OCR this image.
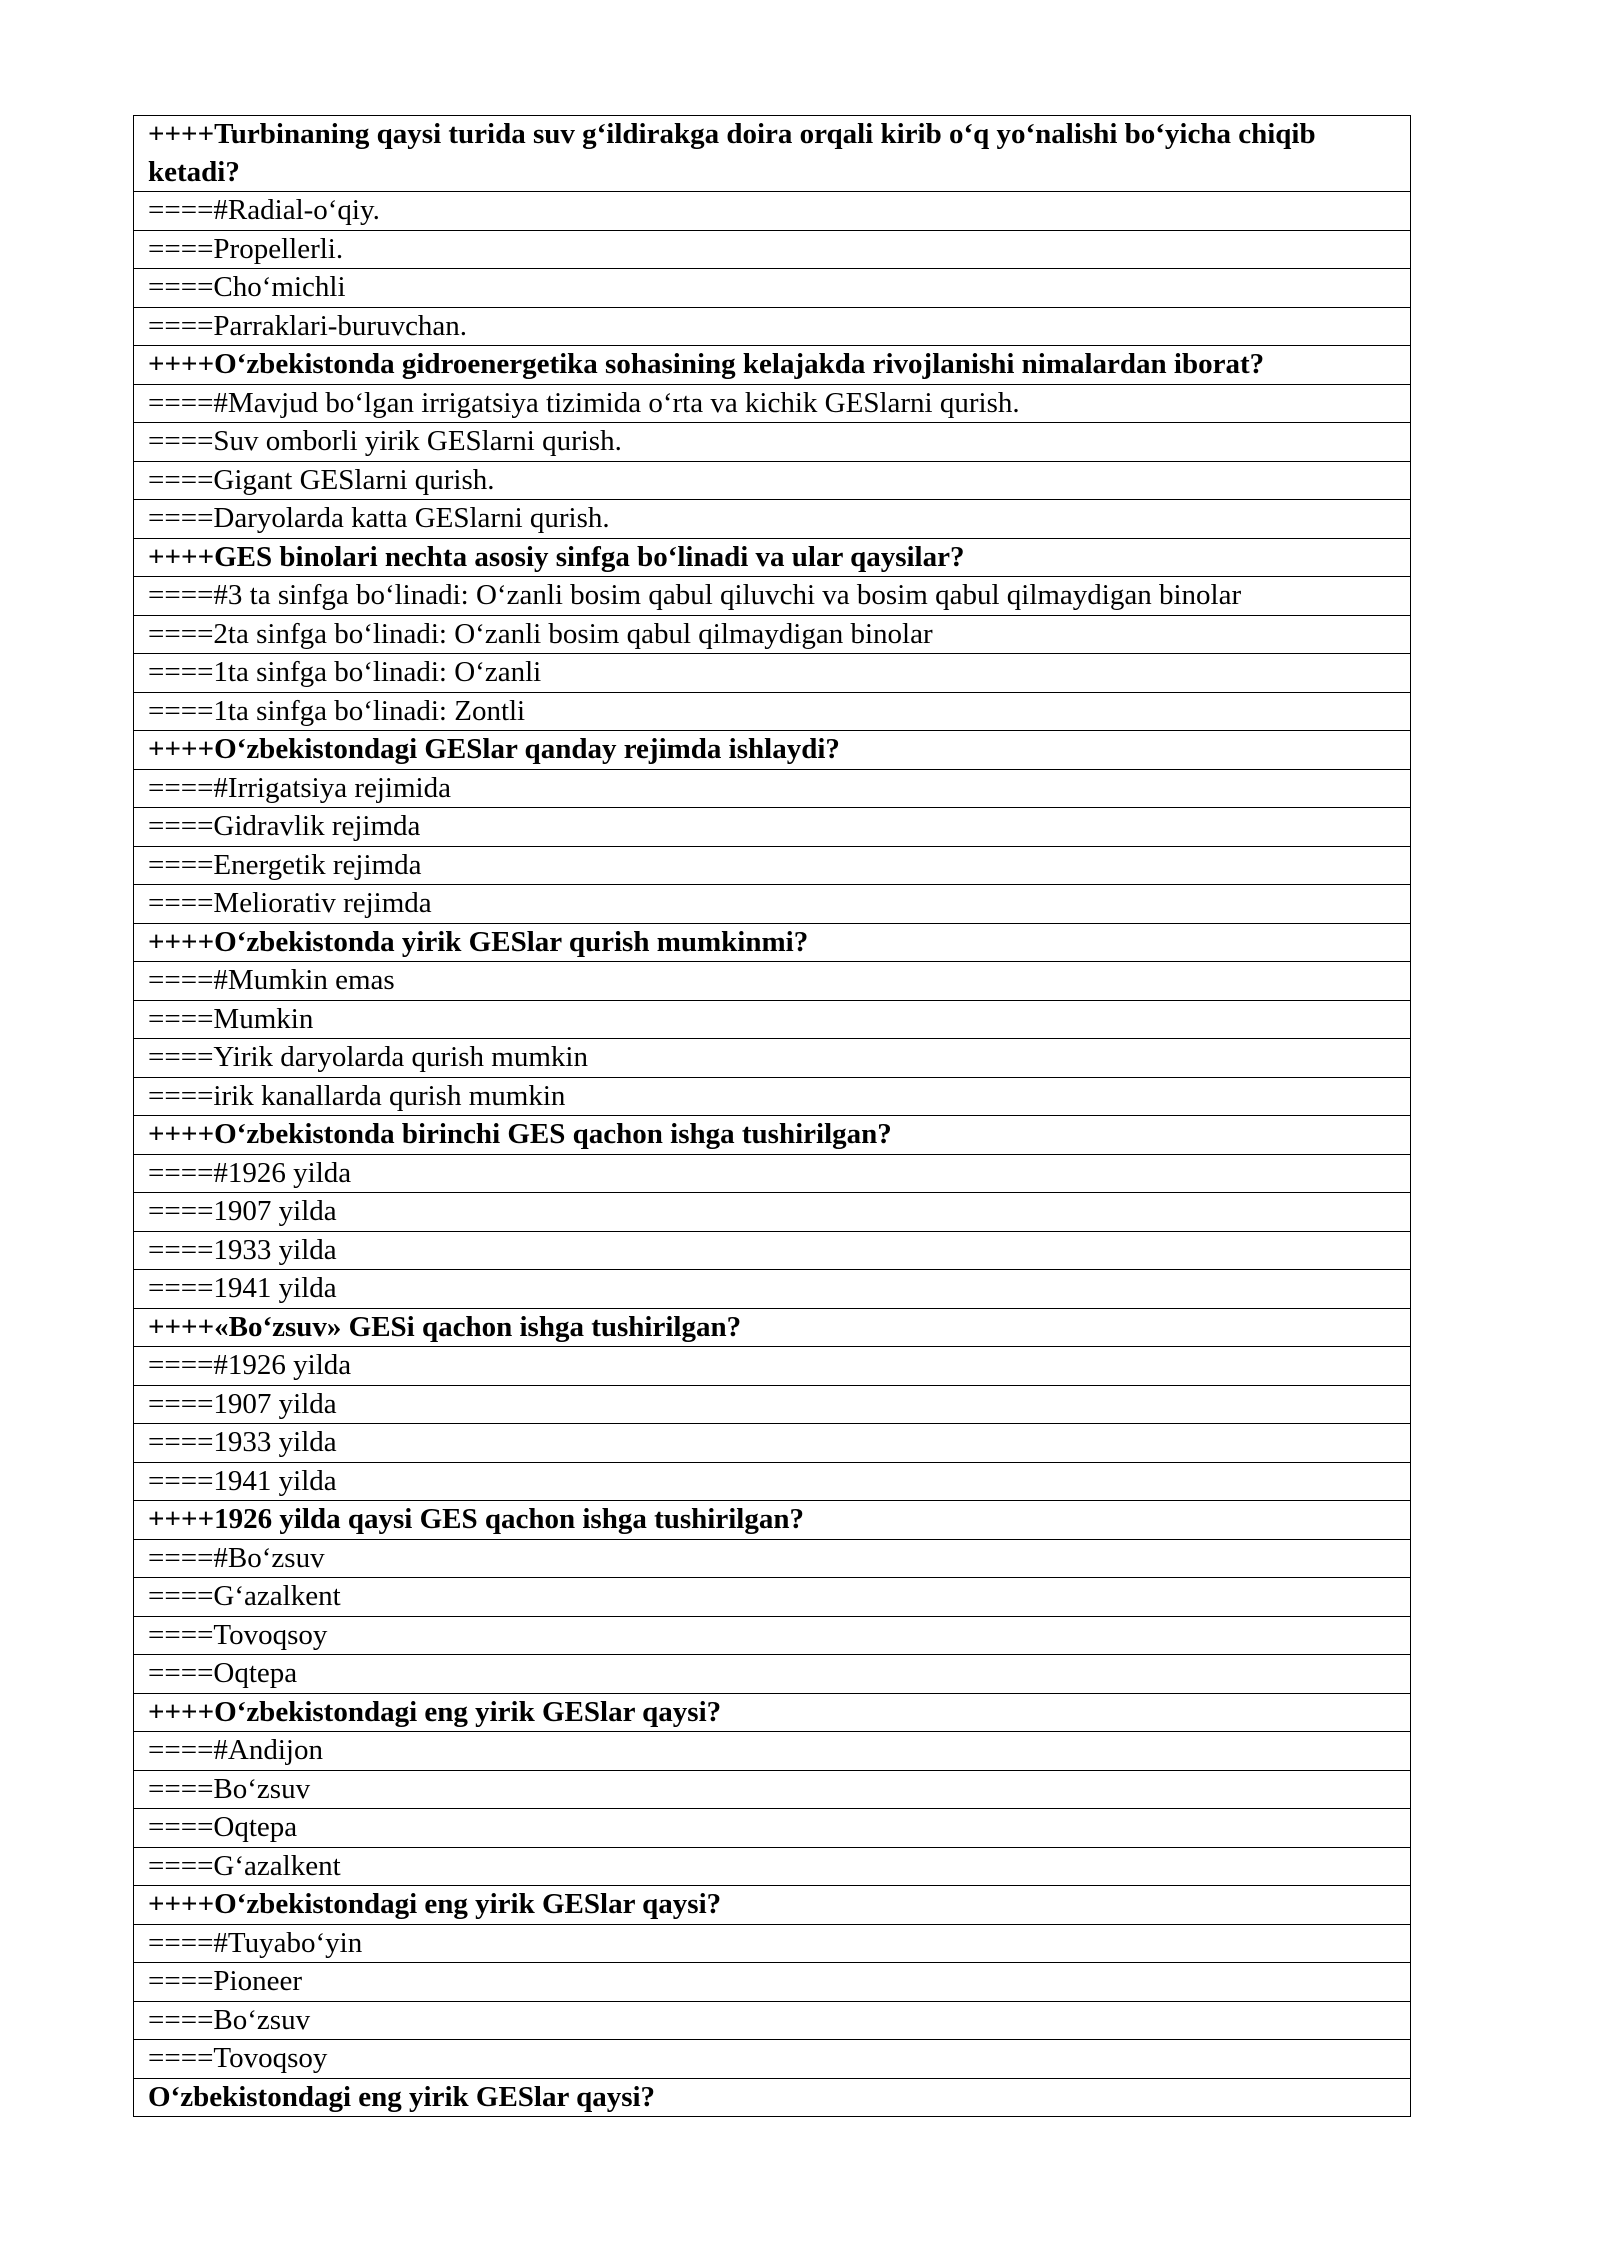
++++Turbinaning qaysi turida suv g‘ildirakga doira orqali kirib o‘q yo‘nalishi bo‘yicha chiqib ketadi?
====#Radial-o‘qiy.
====Propellerli.
====Cho‘michli
====Parraklari-buruvchan.
++++O‘zbekistonda gidroenergetika sohasining kelajakda rivojlanishi nimalardan iborat?
====#Mavjud bo‘lgan irrigatsiya tizimida o‘rta va kichik GESlarni qurish.
====Suv omborli yirik GESlarni qurish.
====Gigant GESlarni qurish.
====Daryolarda katta GESlarni qurish.
++++GES binolari nechta asosiy sinfga bo‘linadi va ular qaysilar?
====#3 ta sinfga bo‘linadi: O‘zanli bosim qabul qiluvchi va bosim qabul qilmaydigan binolar
====2ta sinfga bo‘linadi: O‘zanli bosim qabul qilmaydigan binolar
====1ta sinfga bo‘linadi: O‘zanli
====1ta sinfga bo‘linadi: Zontli
++++O‘zbekistondagi GESlar qanday rejimda ishlaydi?
====#Irrigatsiya rejimida
====Gidravlik rejimda
====Energetik rejimda
====Meliorativ rejimda
++++O‘zbekistonda yirik GESlar qurish mumkinmi?
====#Mumkin emas
====Mumkin
====Yirik daryolarda qurish mumkin
====irik kanallarda qurish mumkin
++++O‘zbekistonda birinchi GES qachon ishga tushirilgan?
====#1926 yilda
====1907 yilda
====1933 yilda
====1941 yilda
++++«Bo‘zsuv» GESi qachon ishga tushirilgan?
====#1926 yilda
====1907 yilda
====1933 yilda
====1941 yilda
++++1926 yilda qaysi GES qachon ishga tushirilgan?
====#Bo‘zsuv
====G‘azalkent
====Tovoqsoy
====Oqtepa
++++O‘zbekistondagi eng yirik GESlar qaysi?
====#Andijon
====Bo‘zsuv
====Oqtepa
====G‘azalkent
++++O‘zbekistondagi eng yirik GESlar qaysi?
====#Tuyabo‘yin
====Pioneer
====Bo‘zsuv
====Tovoqsoy
O‘zbekistondagi eng yirik GESlar qaysi?
